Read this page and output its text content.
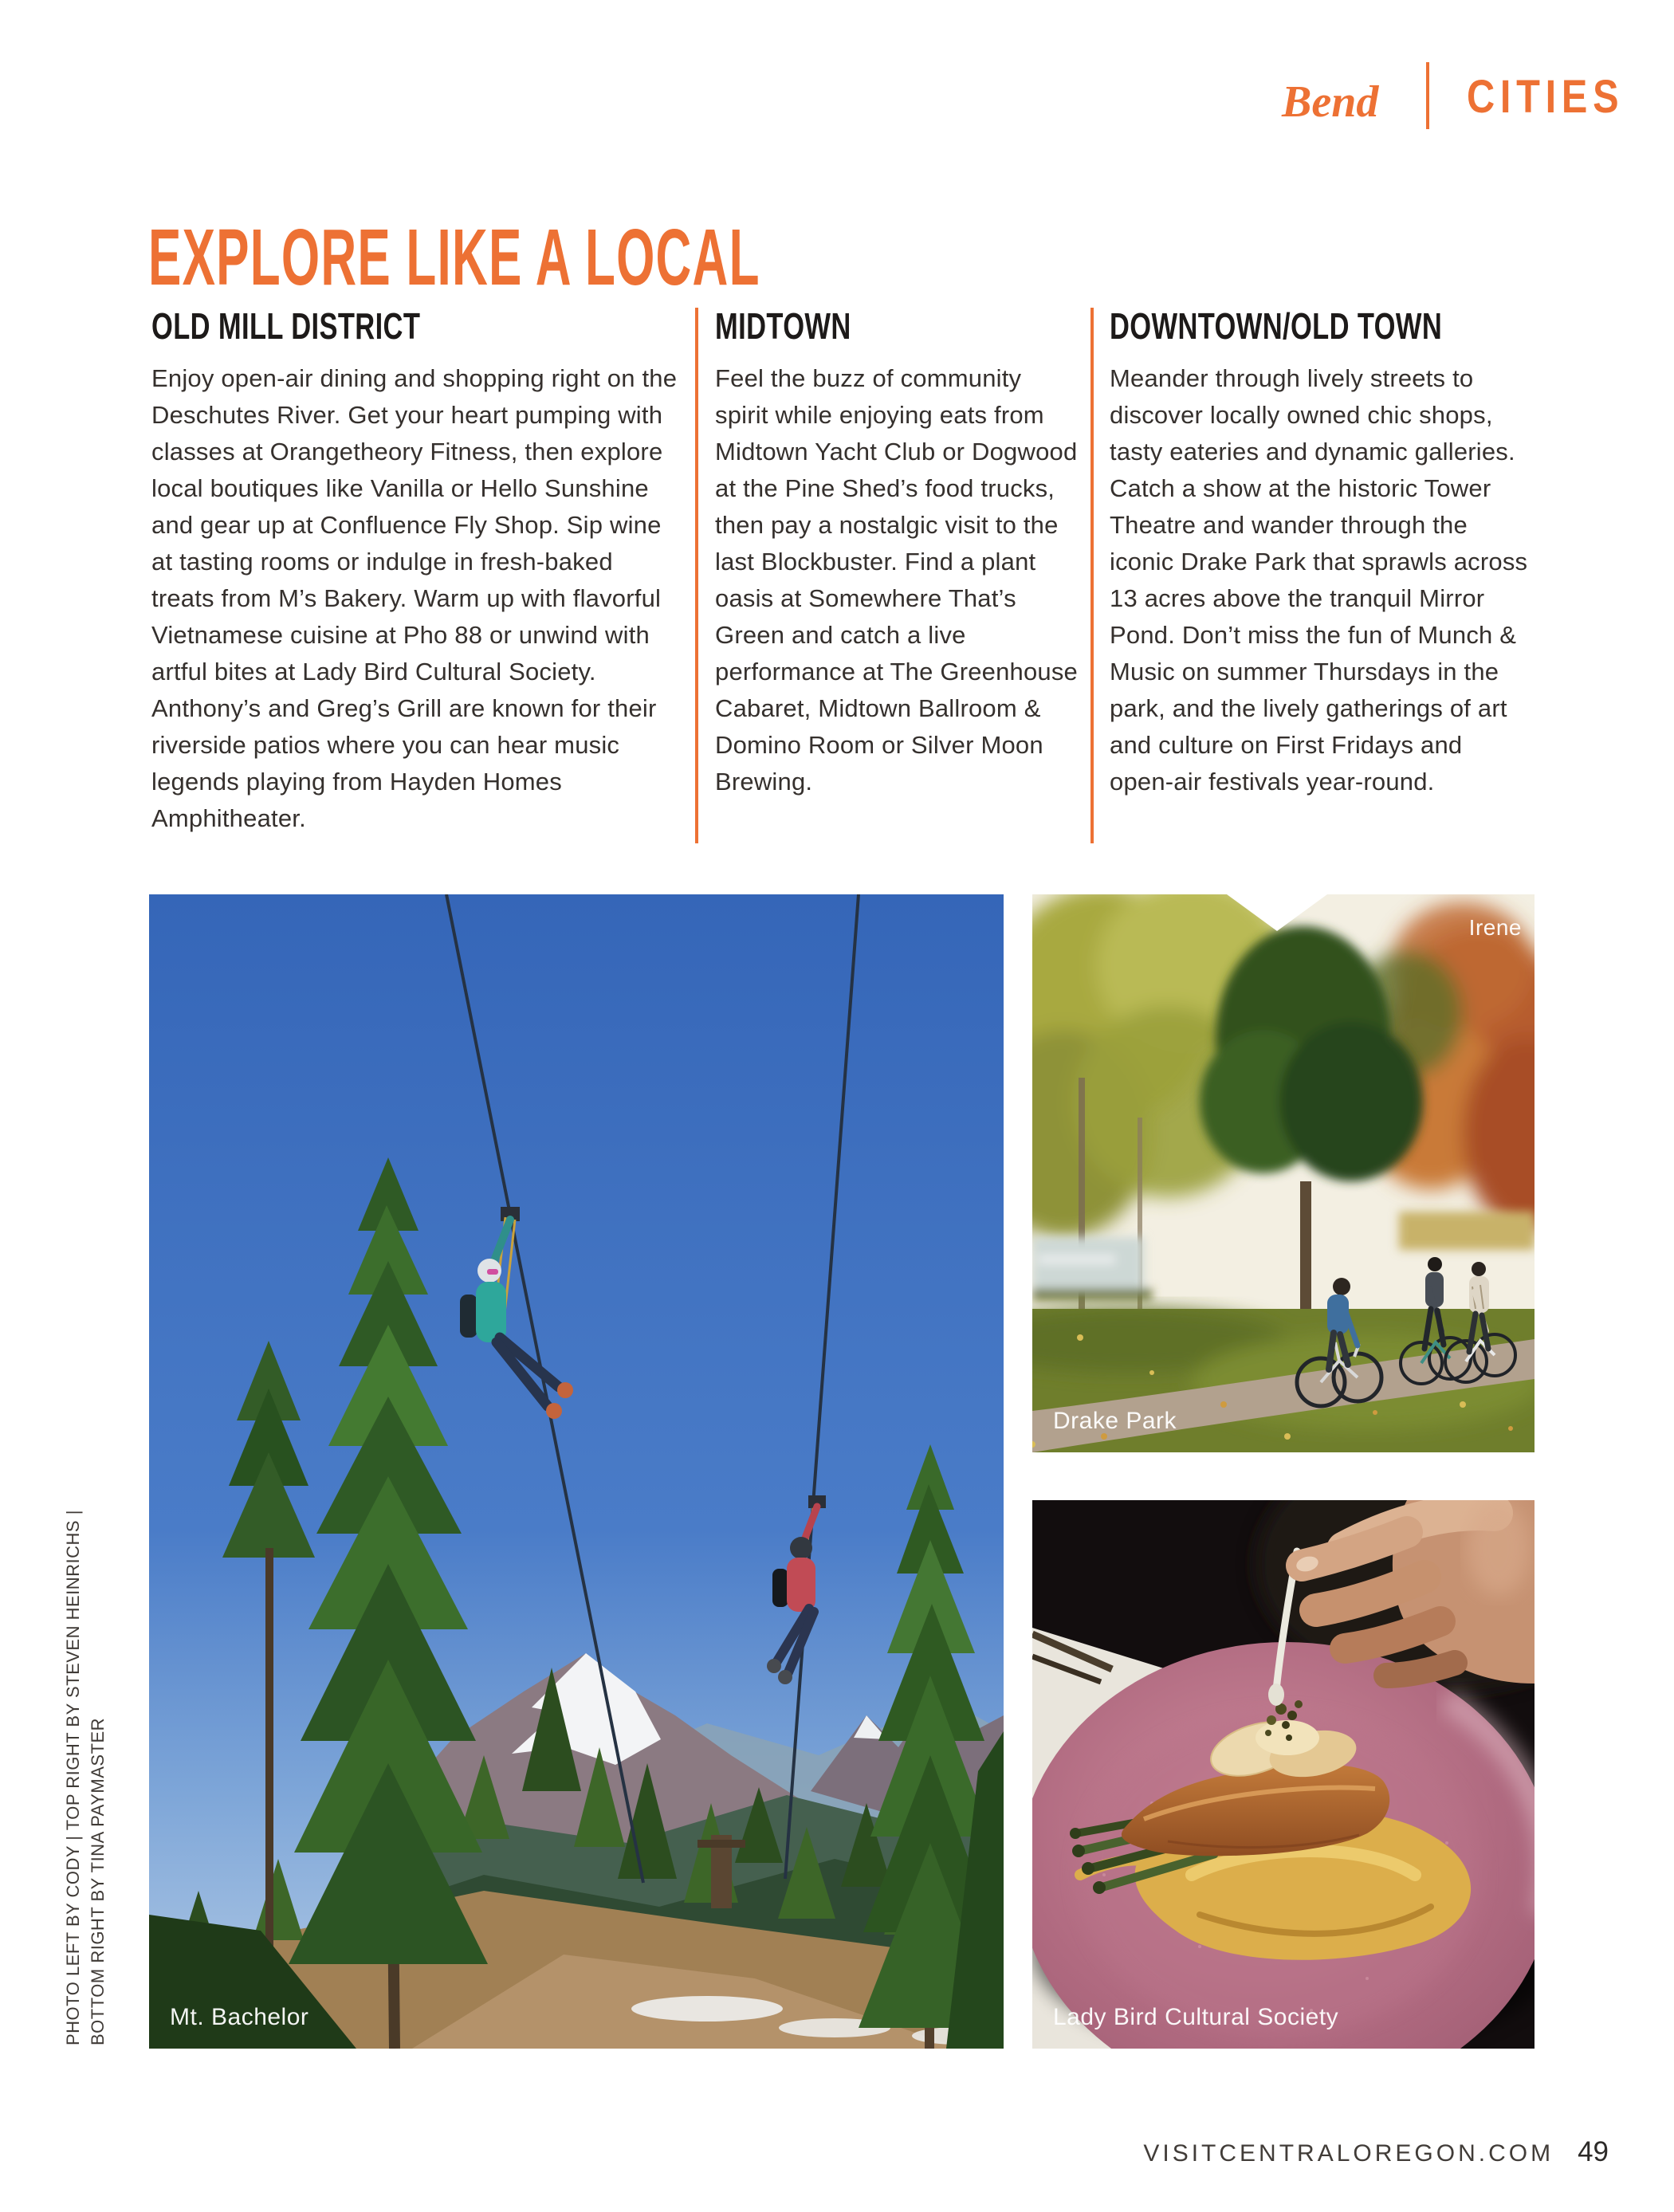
Bend CITIES
EXPLORE LIKE A LOCAL
OLD MILL DISTRICT

Enjoy open-air dining and shopping right on the Deschutes River. Get your heart pumping with classes at Orangetheory Fitness, then explore local boutiques like Vanilla or Hello Sunshine and gear up at Confluence Fly Shop. Sip wine at tasting rooms or indulge in fresh-baked treats from M’s Bakery. Warm up with flavorful Vietnamese cuisine at Pho 88 or unwind with artful bites at Lady Bird Cultural Society. Anthony’s and Greg’s Grill are known for their riverside patios where you can hear music legends playing from Hayden Homes Amphitheater.

MIDTOWN

Feel the buzz of community spirit while enjoying eats from Midtown Yacht Club or Dogwood at the Pine Shed’s food trucks, then pay a nostalgic visit to the last Blockbuster. Find a plant oasis at Somewhere That’s Green and catch a live performance at The Greenhouse Cabaret, Midtown Ballroom & Domino Room or Silver Moon Brewing.

DOWNTOWN/OLD TOWN

Meander through lively streets to discover locally owned chic shops, tasty eateries and dynamic galleries. Catch a show at the historic Tower Theatre and wander through the iconic Drake Park that sprawls across 13 acres above the tranquil Mirror Pond. Don’t miss the fun of Munch & Music on summer Thursdays in the park, and the lively gatherings of art and culture on First Fridays and open-air festivals year-round.

Mt. Bachelor
Irene
Drake Park
Lady Bird Cultural Society
PHOTO LEFT BY CODY | TOP RIGHT BY STEVEN HEINRICHS | BOTTOM RIGHT BY TINA PAYMASTER
VISITCENTRALOREGON.COM 49
